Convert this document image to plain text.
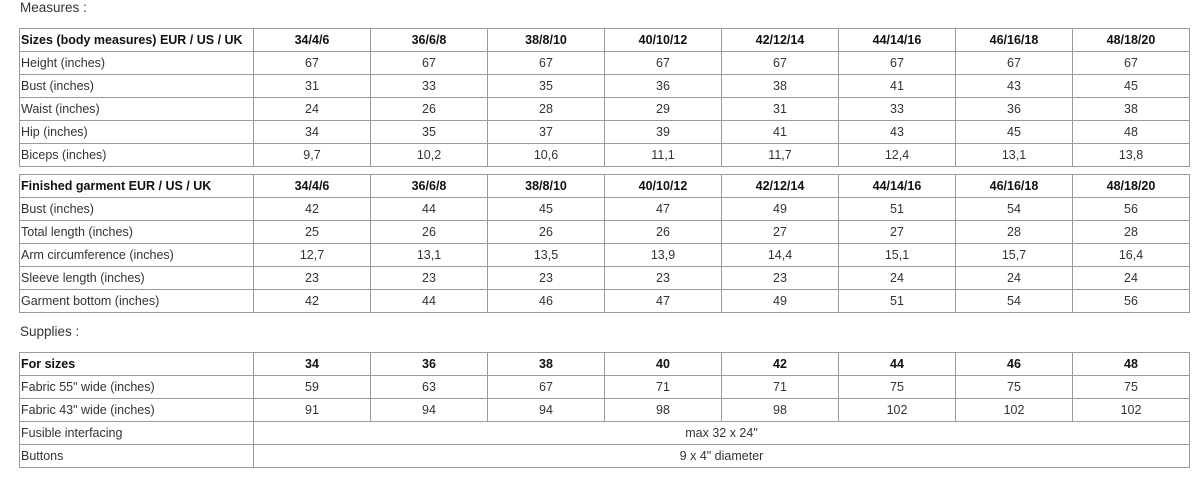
Measures :
Sizes (body measures) EUR / US / UK	34/4/6	36/6/8	38/8/10	40/10/12	42/12/14	44/14/16	46/16/18	48/18/20
Height (inches)	67	67	67	67	67	67	67	67
Bust (inches)	31	33	35	36	38	41	43	45
Waist (inches)	24	26	28	29	31	33	36	38
Hip (inches)	34	35	37	39	41	43	45	48
Biceps (inches)	9,7	10,2	10,6	11,1	11,7	12,4	13,1	13,8
Finished garment EUR / US / UK	34/4/6	36/6/8	38/8/10	40/10/12	42/12/14	44/14/16	46/16/18	48/18/20
Bust (inches)	42	44	45	47	49	51	54	56
Total length (inches)	25	26	26	26	27	27	28	28
Arm circumference (inches)	12,7	13,1	13,5	13,9	14,4	15,1	15,7	16,4
Sleeve length (inches)	23	23	23	23	23	24	24	24
Garment bottom (inches)	42	44	46	47	49	51	54	56
Supplies :
For sizes	34	36	38	40	42	44	46	48
Fabric 55" wide (inches)	59	63	67	71	71	75	75	75
Fabric 43" wide (inches)	91	94	94	98	98	102	102	102
Fusible interfacing	max 32 x 24"							
Buttons	9 x 4" diameter							
